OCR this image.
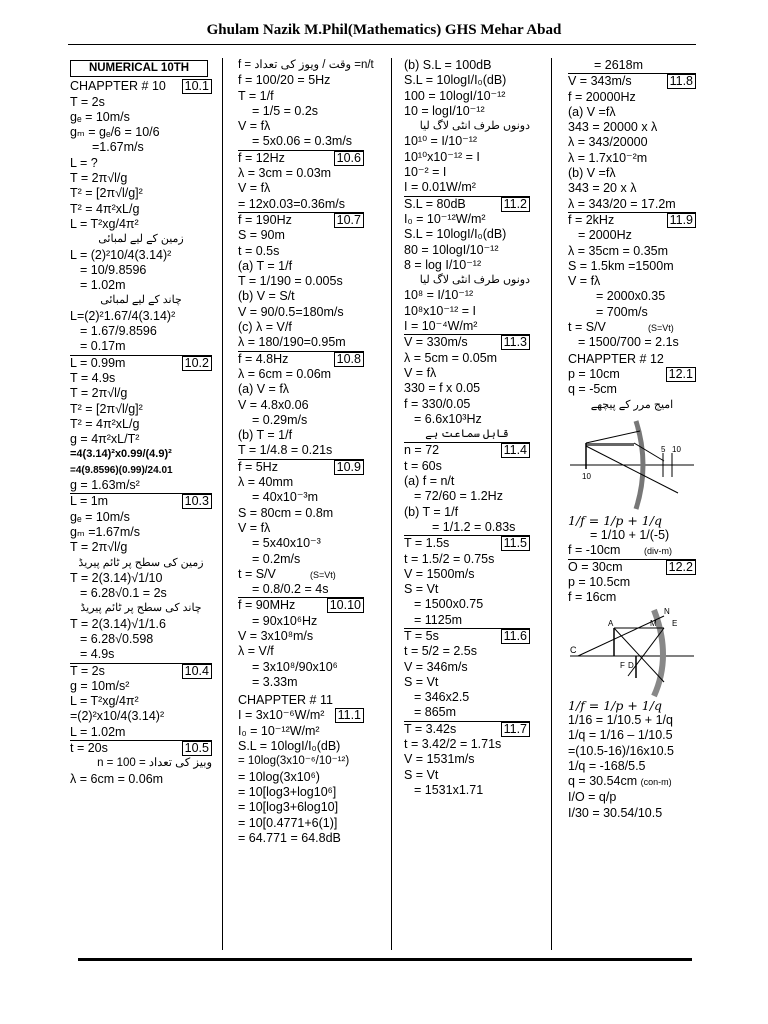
Ghulam Nazik M.Phil(Mathematics) GHS Mehar Abad
NUMERICAL 10TH
CHAPPTER # 10 10.1
T = 2s
gₑ = 10m/s
gₘ = gₑ/6 = 10/6
=1.67m/s
L = ?
T = 2π√l/g
T² = [2π√l/g]²
T² = 4π²xL/g
L = T²xg/4π²
زمین کے لیے لمبائی
L = (2)²10/4(3.14)²
= 10/9.8596
= 1.02m
چاند کے لیے لمبائی
L=(2)²1.67/4(3.14)²
= 1.67/9.8596
= 0.17m
L = 0.99m	10.2
T = 4.9s
T = 2π√l/g
T² = [2π√l/g]²
T² = 4π²xL/g
g = 4π²xL/T²
=4(3.14)²x0.99/(4.9)²
=4(9.8596)(0.99)/24.01
g = 1.63m/s²
L = 1m	10.3
gₑ = 10m/s
gₘ =1.67m/s
T = 2π√l/g
زمین کی سطح پر ٹائم پیریڈ
T = 2(3.14)√1/10
= 6.28√0.1 = 2s
چاند کی سطح پر ٹائم پیریڈ
T = 2(3.14)√1/1.6
= 6.28√0.598
= 4.9s
T = 2s	10.4
g = 10m/s²
L = T²xg/4π²
=(2)²x10/4(3.14)²
L = 1.02m
t = 20s	10.5
وبیز کی تعداد = n = 100
λ = 6cm = 0.06m
f = وقت / ویوز کی تعداد =n/t
f = 100/20 = 5Hz
T = 1/f
= 1/5 = 0.2s
V = fλ
= 5x0.06 = 0.3m/s
f = 12Hz	10.6
λ = 3cm = 0.03m
V = fλ
= 12x0.03=0.36m/s
f = 190Hz	10.7
S = 90m
t = 0.5s
(a) T = 1/f
T = 1/190 = 0.005s
(b) V = S/t
V = 90/0.5=180m/s
(c) λ = V/f
λ = 180/190=0.95m
f = 4.8Hz	10.8
λ = 6cm = 0.06m
(a) V = fλ
V = 4.8x0.06
= 0.29m/s
(b) T = 1/f
T = 1/4.8 = 0.21s
f = 5Hz	10.9
λ = 40mm
= 40x10⁻³m
S = 80cm = 0.8m
V = fλ
= 5x40x10⁻³
= 0.2m/s
t = S/V	(S=Vt)
= 0.8/0.2 = 4s
f = 90MHz	10.10
= 90x10⁶Hz
V = 3x10⁸m/s
λ = V/f
= 3x10⁸/90x10⁶
= 3.33m
CHAPPTER # 11
I = 3x10⁻⁶W/m² 11.1
I₀ = 10⁻¹²W/m²
S.L = 10logI/I₀(dB)
= 10log(3x10⁻⁶/10⁻¹²)
= 10log(3x10⁶)
= 10[log3+log10⁶]
= 10[log3+6log10]
= 10[0.4771+6(1)]
= 64.771 = 64.8dB
(b) S.L = 100dB
S.L = 10logI/I₀(dB)
100 = 10logI/10⁻¹²
10 = logI/10⁻¹²
دونوں طرف انٹی لاگ لیا
10¹⁰ = I/10⁻¹²
10¹⁰x10⁻¹² = I
10⁻² = I
I = 0.01W/m²
S.L = 80dB	11.2
I₀ = 10⁻¹²W/m²
S.L = 10logI/I₀(dB)
80 = 10logI/10⁻¹²
8 = log I/10⁻¹²
دونوں طرف انٹی لاگ لیا
10⁸ = I/10⁻¹²
10⁸x10⁻¹² = I
I = 10⁻⁴W/m²
V = 330m/s	11.3
λ = 5cm = 0.05m
V = fλ
330 = f x 0.05
f = 330/0.05
= 6.6x10³Hz
قابل سماعت ہے
n = 72	11.4
t = 60s
(a) f = n/t
= 72/60 = 1.2Hz
(b) T = 1/f
= 1/1.2 = 0.83s
T = 1.5s	11.5
t = 1.5/2 = 0.75s
V = 1500m/s
S = Vt
= 1500x0.75
= 1125m
T = 5s	11.6
t = 5/2 = 2.5s
V = 346m/s
S = Vt
= 346x2.5
= 865m
T = 3.42s	11.7
t = 3.42/2 = 1.71s
V = 1531m/s
S = Vt
= 1531x1.71
= 2618m
V = 343m/s	11.8
f = 20000Hz
(a) V =fλ
343 = 20000 x λ
λ = 343/20000
λ = 1.7x10⁻²m
(b) V =fλ
343 = 20 x λ
λ = 343/20 = 17.2m
f = 2kHz	11.9
= 2000Hz
λ = 35cm = 0.35m
S = 1.5km =1500m
V = fλ
= 2000x0.35
= 700m/s
t = S/V	(S=Vt)
= 1500/700 = 2.1s
CHAPPTER # 12
p = 10cm	12.1
q = -5cm
امیج مرر کے پیچھے
10
5 10
1/f = 1/p + 1/q
= 1/10 + 1/(-5)
f = -10cm	(div-m)
O = 30cm	12.2
p = 10.5cm
f = 16cm
C
F D
A
N
E
M
1/f = 1/p + 1/q
1/16 = 1/10.5 + 1/q
1/q = 1/16 – 1/10.5
=(10.5-16)/16x10.5
1/q = -168/5.5
q = 30.54cm (con-m)
I/O = q/p
I/30 = 30.54/10.5
